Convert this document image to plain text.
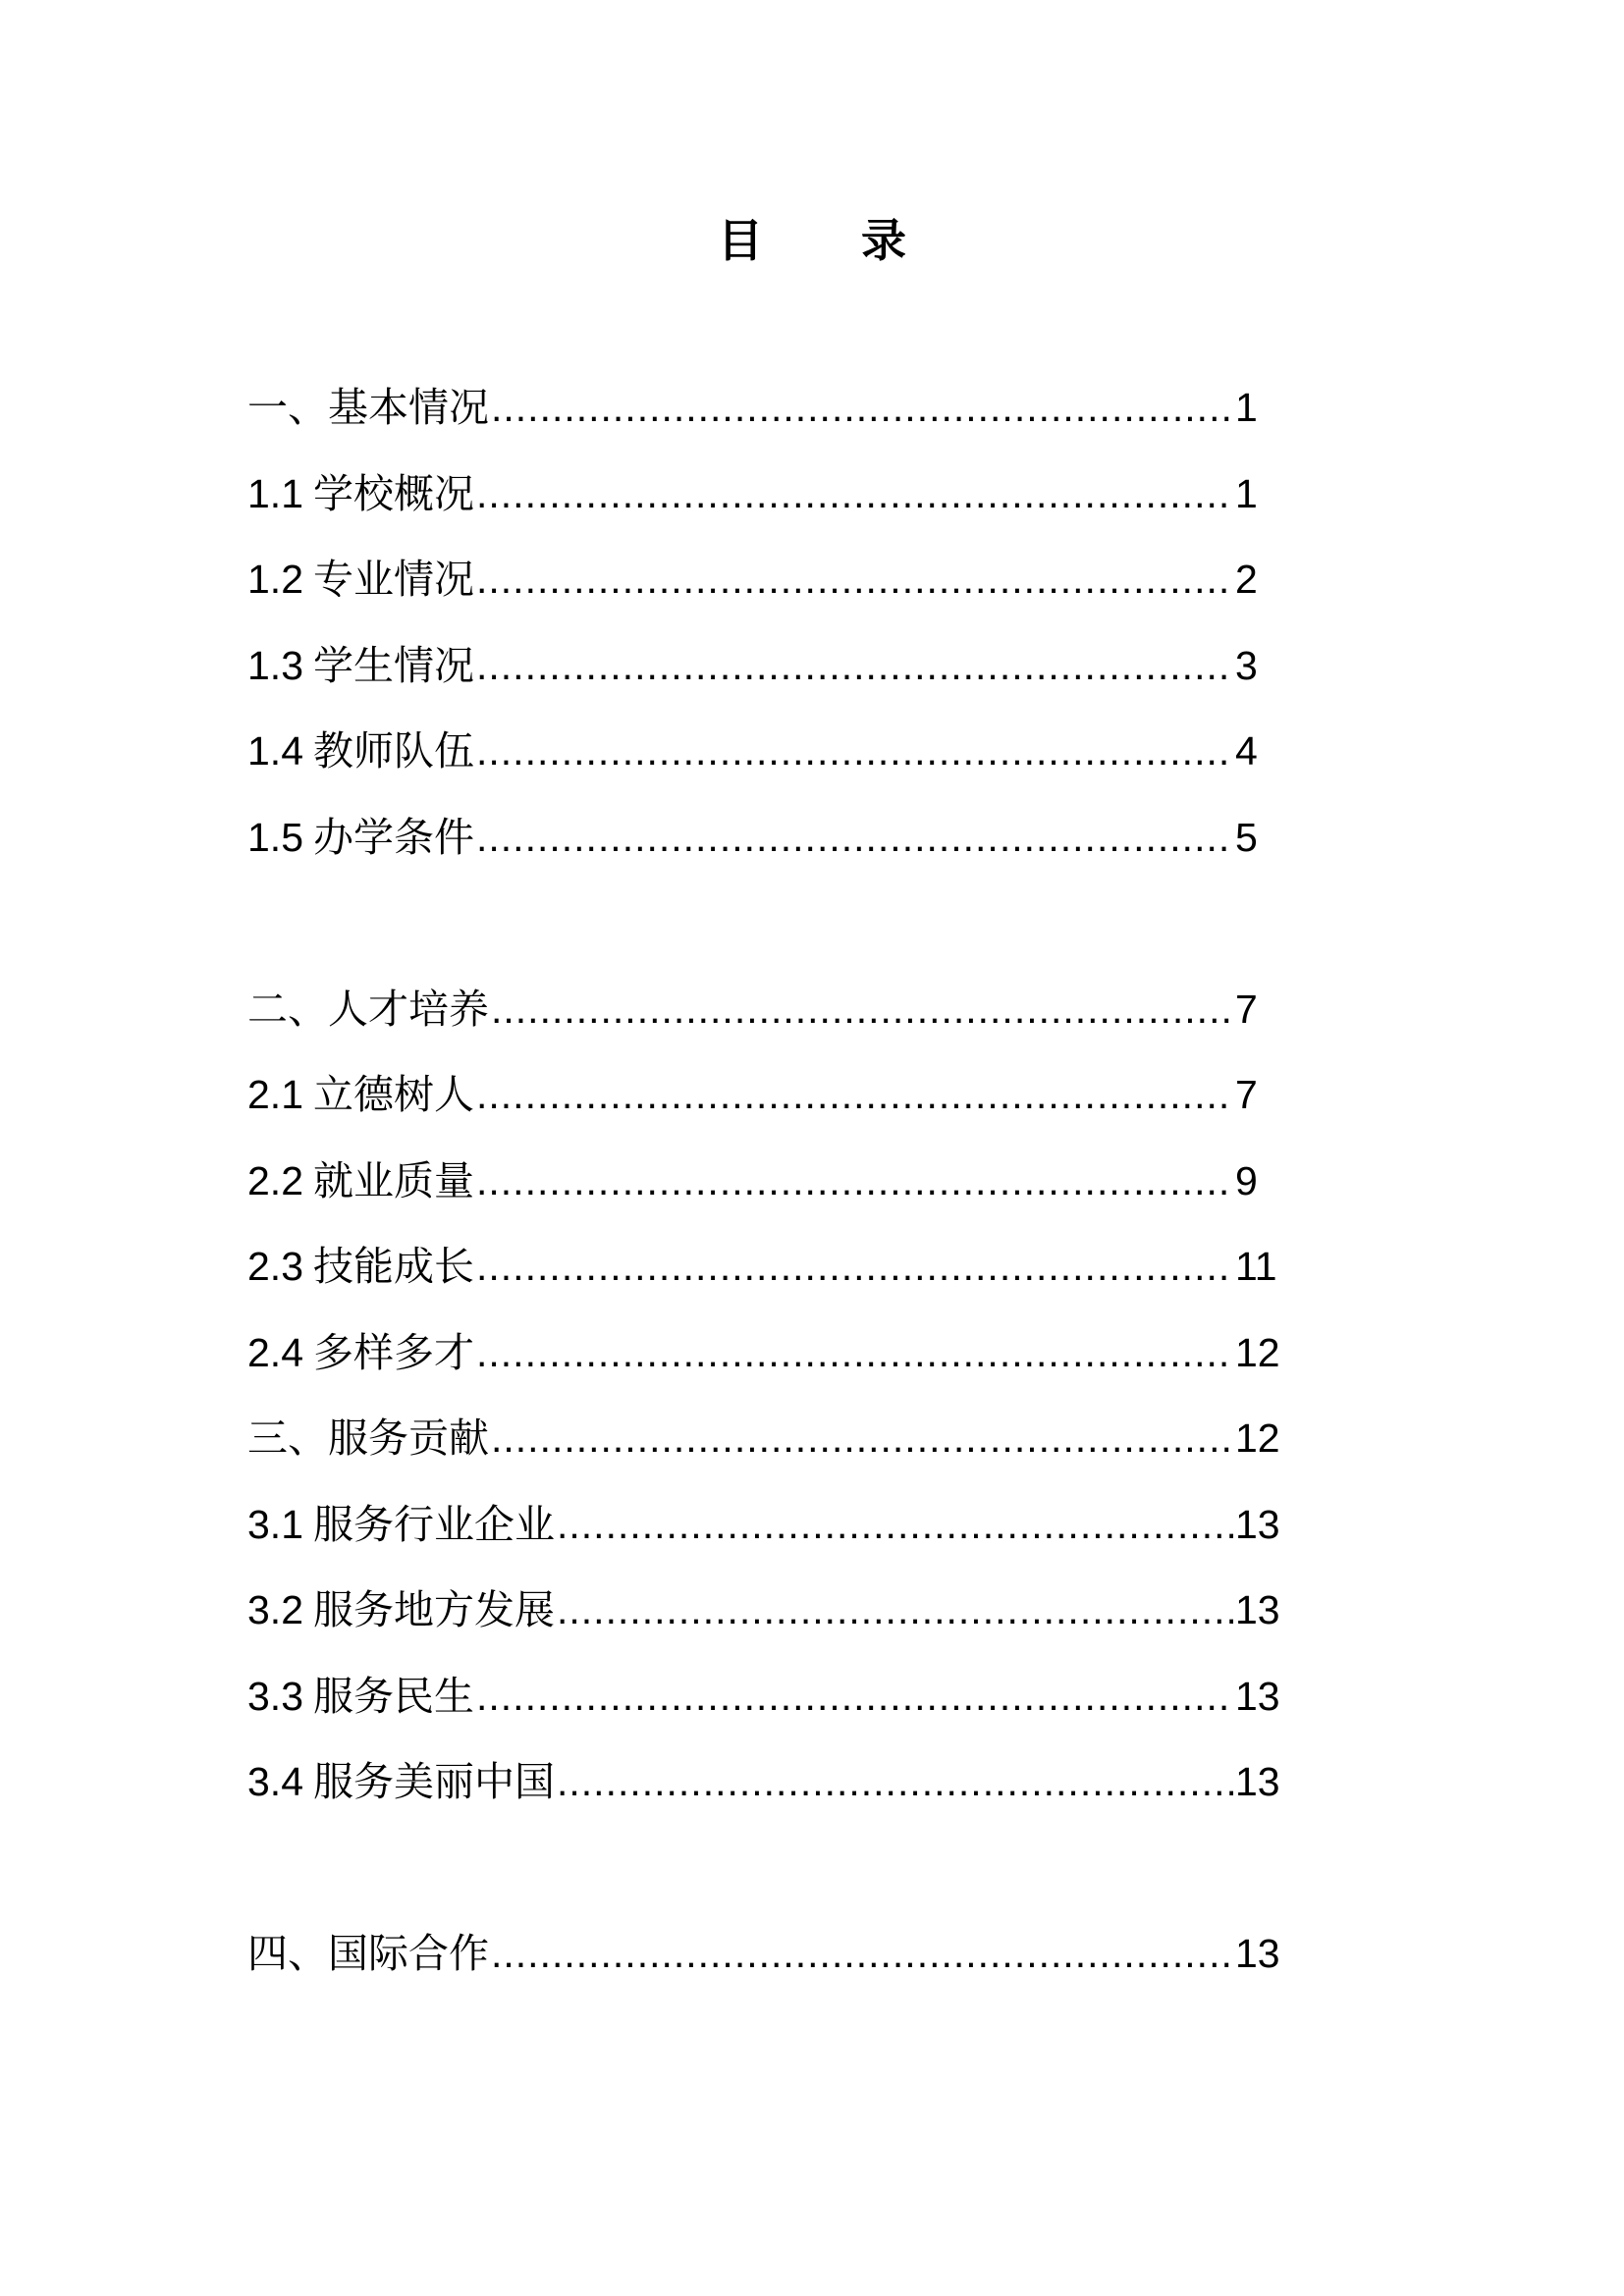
目 录
一、基本情况 .....	1
1.1 学校概况 .....	1
1.2 专业情况 .....	2
1.3 学生情况 .....	3
1.4 教师队伍 .....	4
1.5 办学条件 .....	5
二、人才培养 .....	7
2.1 立德树人 .....	7
2.2 就业质量 .....	9
2.3 技能成长 .....	11
2.4 多样多才 .....	12
三、服务贡献 .....	12
3.1 服务行业企业 .....	13
3.2 服务地方发展 .....	13
3.3 服务民生 .....	13
3.4 服务美丽中国 .....	13
四、国际合作 .....	13
